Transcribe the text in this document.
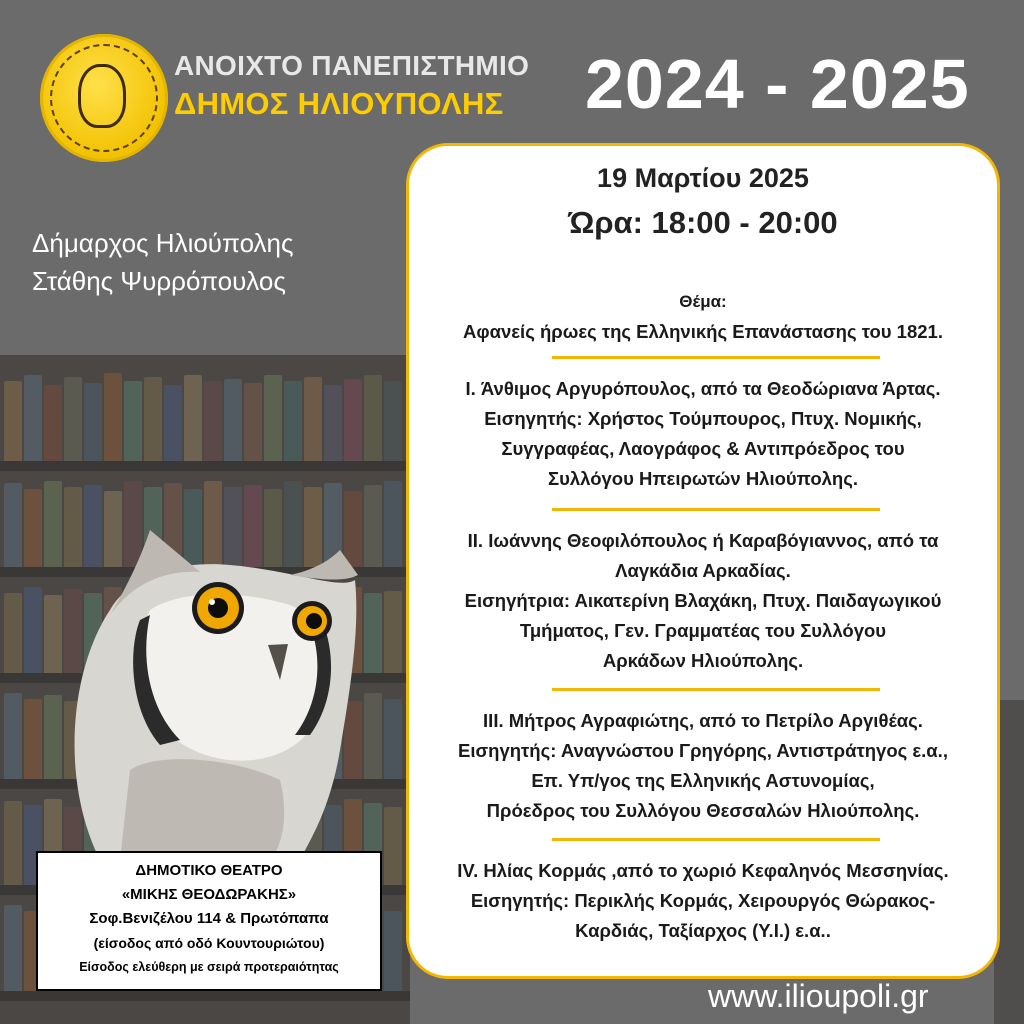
ΑΝΟΙΧΤΟ ΠΑΝΕΠΙΣΤΗΜΙΟ
ΔΗΜΟΣ ΗΛΙΟΥΠΟΛΗΣ 2024 - 2025
Δήμαρχος Ηλιούπολης
Στάθης Ψυρρόπουλος
19 Μαρτίου 2025
Ώρα: 18:00 - 20:00
Θέμα:
Αφανείς ήρωες της Ελληνικής Επανάστασης του 1821.
I. Άνθιμος Αργυρόπουλος, από τα Θεοδώριανα Άρτας.
Εισηγητής: Χρήστος Τούμπουρος, Πτυχ. Νομικής,
Συγγραφέας, Λαογράφος & Αντιπρόεδρος του
Συλλόγου Ηπειρωτών Ηλιούπολης.
II. Ιωάννης Θεοφιλόπουλος ή Καραβόγιαννος, από τα
Λαγκάδια Αρκαδίας.
Εισηγήτρια: Αικατερίνη Βλαχάκη, Πτυχ. Παιδαγωγικού
Τμήματος, Γεν. Γραμματέας του Συλλόγου
Αρκάδων Ηλιούπολης.
III. Μήτρος Αγραφιώτης, από το Πετρίλο Αργιθέας.
Εισηγητής: Αναγνώστου Γρηγόρης, Αντιστράτηγος ε.α.,
Επ. Υπ/γος της Ελληνικής Αστυνομίας,
Πρόεδρος του Συλλόγου Θεσσαλών Ηλιούπολης.
IV. Ηλίας Κορμάς ,από το χωριό Κεφαληνός Μεσσηνίας.
Εισηγητής: Περικλής Κορμάς, Χειρουργός Θώρακος-
Καρδιάς, Ταξίαρχος (Υ.Ι.) ε.α..
ΔΗΜΟΤΙΚΟ ΘΕΑΤΡΟ
«ΜΙΚΗΣ ΘΕΟΔΩΡΑΚΗΣ»
Σοφ.Βενιζέλου 114 & Πρωτόπαπα
(είσοδος από οδό Κουντουριώτου)
Είσοδος ελεύθερη με σειρά προτεραιότητας
www.ilioupoli.gr
